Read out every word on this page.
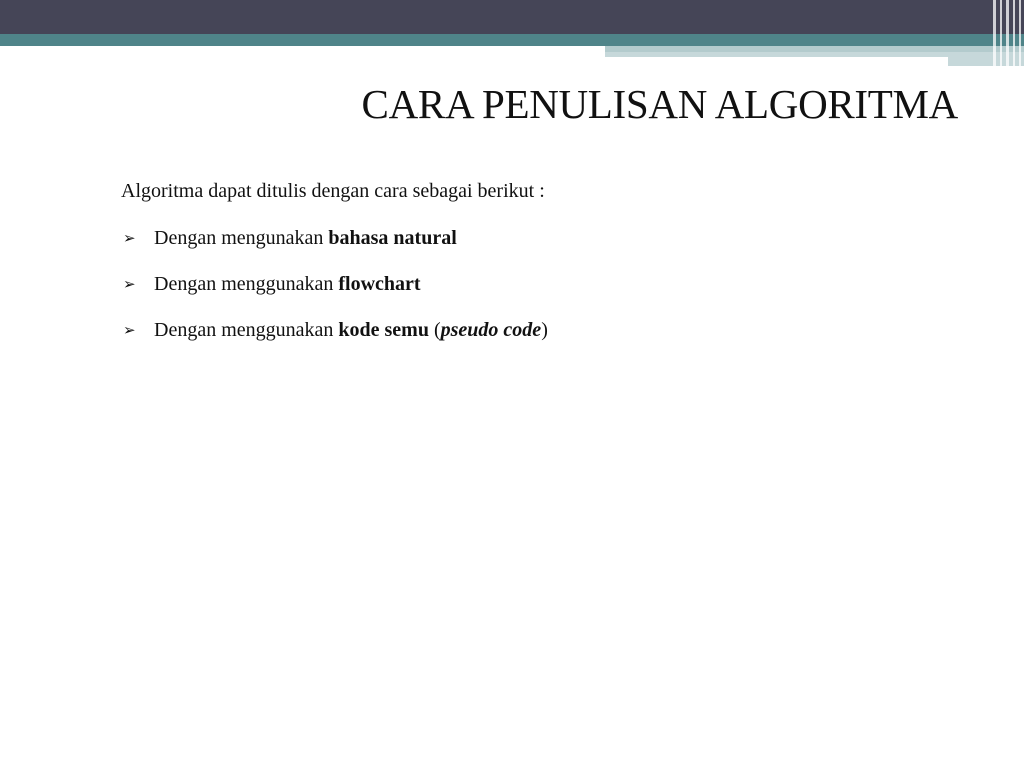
CARA PENULISAN ALGORITMA

Algoritma dapat ditulis dengan cara sebagai berikut :

➢ Dengan mengunakan bahasa natural
➢ Dengan menggunakan flowchart
➢ Dengan menggunakan kode semu (pseudo code)
